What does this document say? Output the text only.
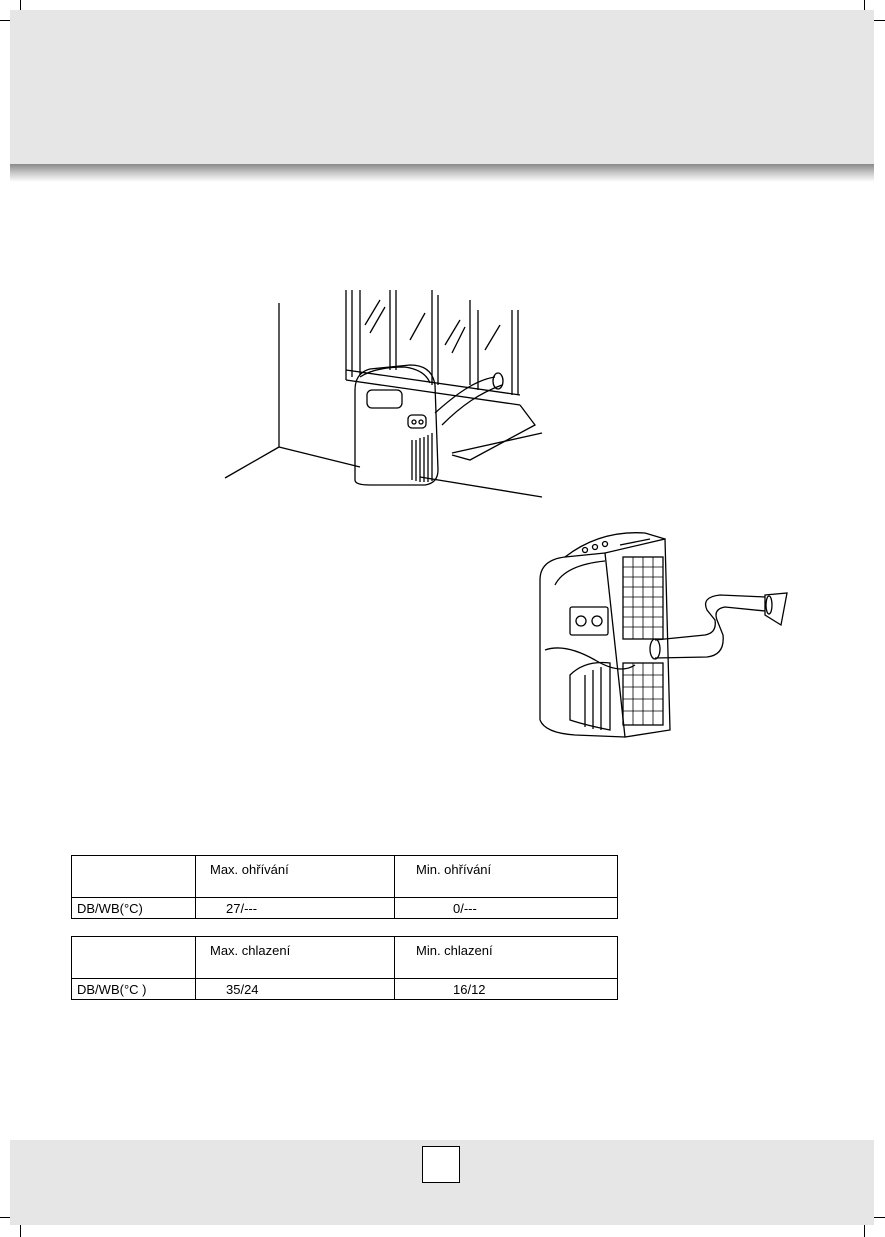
	Max. ohřívání	Min. ohřívání

DB/WB(°C)	27/---	0/---

	Max. chlazení	Min. chlazení

DB/WB(°C )	35/24	16/12
